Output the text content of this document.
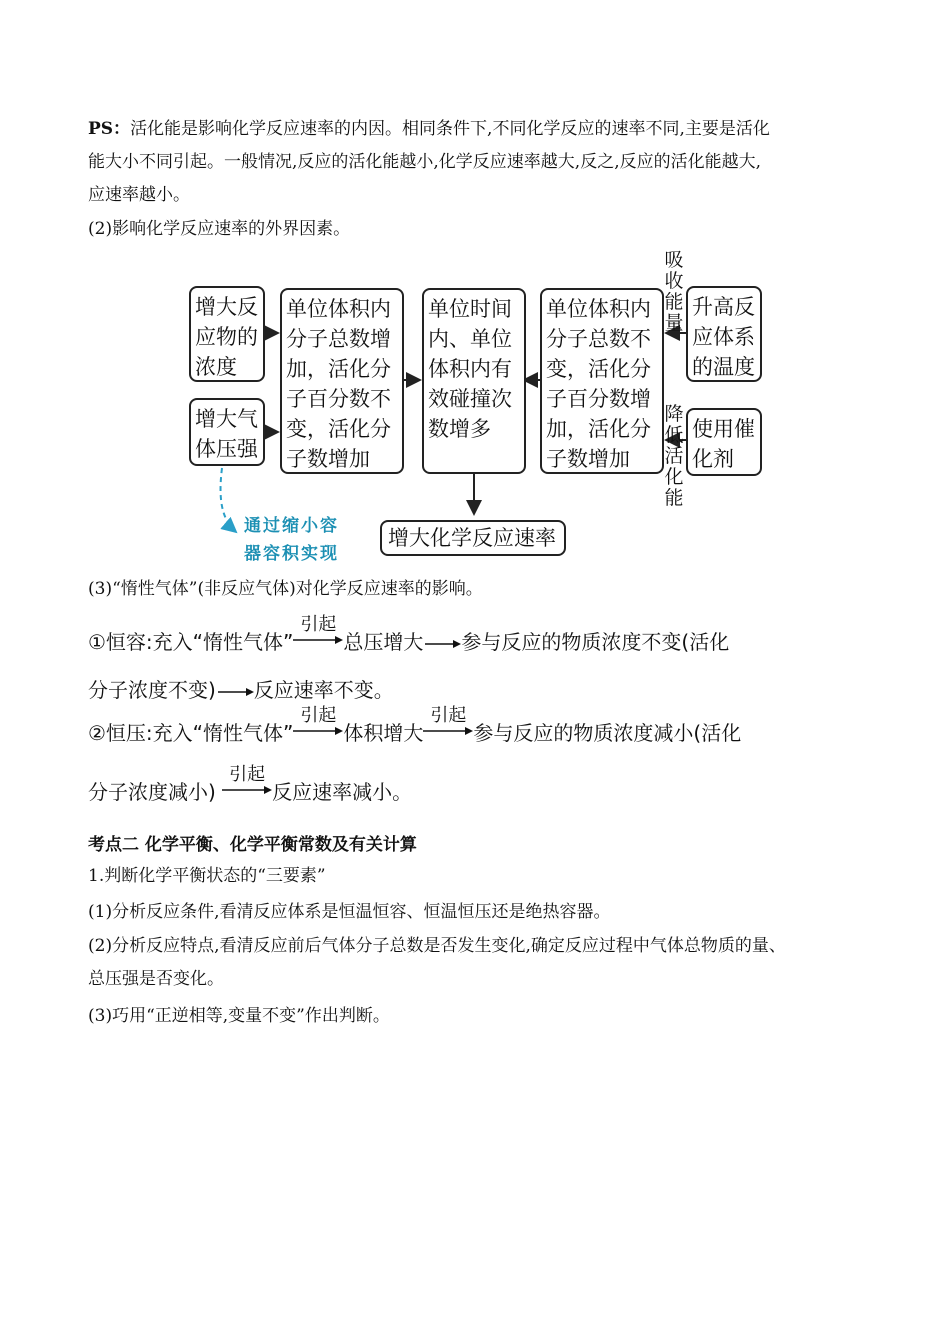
PS：活化能是影响化学反应速率的内因。相同条件下,不同化学反应的速率不同,主要是活化
能大小不同引起。一般情况,反应的活化能越小,化学反应速率越大,反之,反应的活化能越大,
应速率越小。
(2)影响化学反应速率的外界因素。
增大反应物的浓度
增大气体压强
单位体积内分子总数增加，活化分子百分数不变，活化分子数增加
单位时间内、单位体积内有效碰撞次数增多
单位体积内分子总数不变，活化分子百分数增加，活化分子数增加
升高反应体系的温度
使用催化剂
增大化学反应速率
吸收能量
降低活化能
通过缩小容器容积实现
(3)“惰性气体”(非反应气体)对化学反应速率的影响。
①恒容:充入“惰性气体”
引起
总压增大 参与反应的物质浓度不变(活化
分子浓度不变) 反应速率不变。
②恒压:充入“惰性气体”
引起
体积增大
引起
参与反应的物质浓度减小(活化
分子浓度减小)
引起
反应速率减小。
考点二 化学平衡、化学平衡常数及有关计算
1.判断化学平衡状态的“三要素”
(1)分析反应条件,看清反应体系是恒温恒容、恒温恒压还是绝热容器。
(2)分析反应特点,看清反应前后气体分子总数是否发生变化,确定反应过程中气体总物质的量、
总压强是否变化。
(3)巧用“正逆相等,变量不变”作出判断。
